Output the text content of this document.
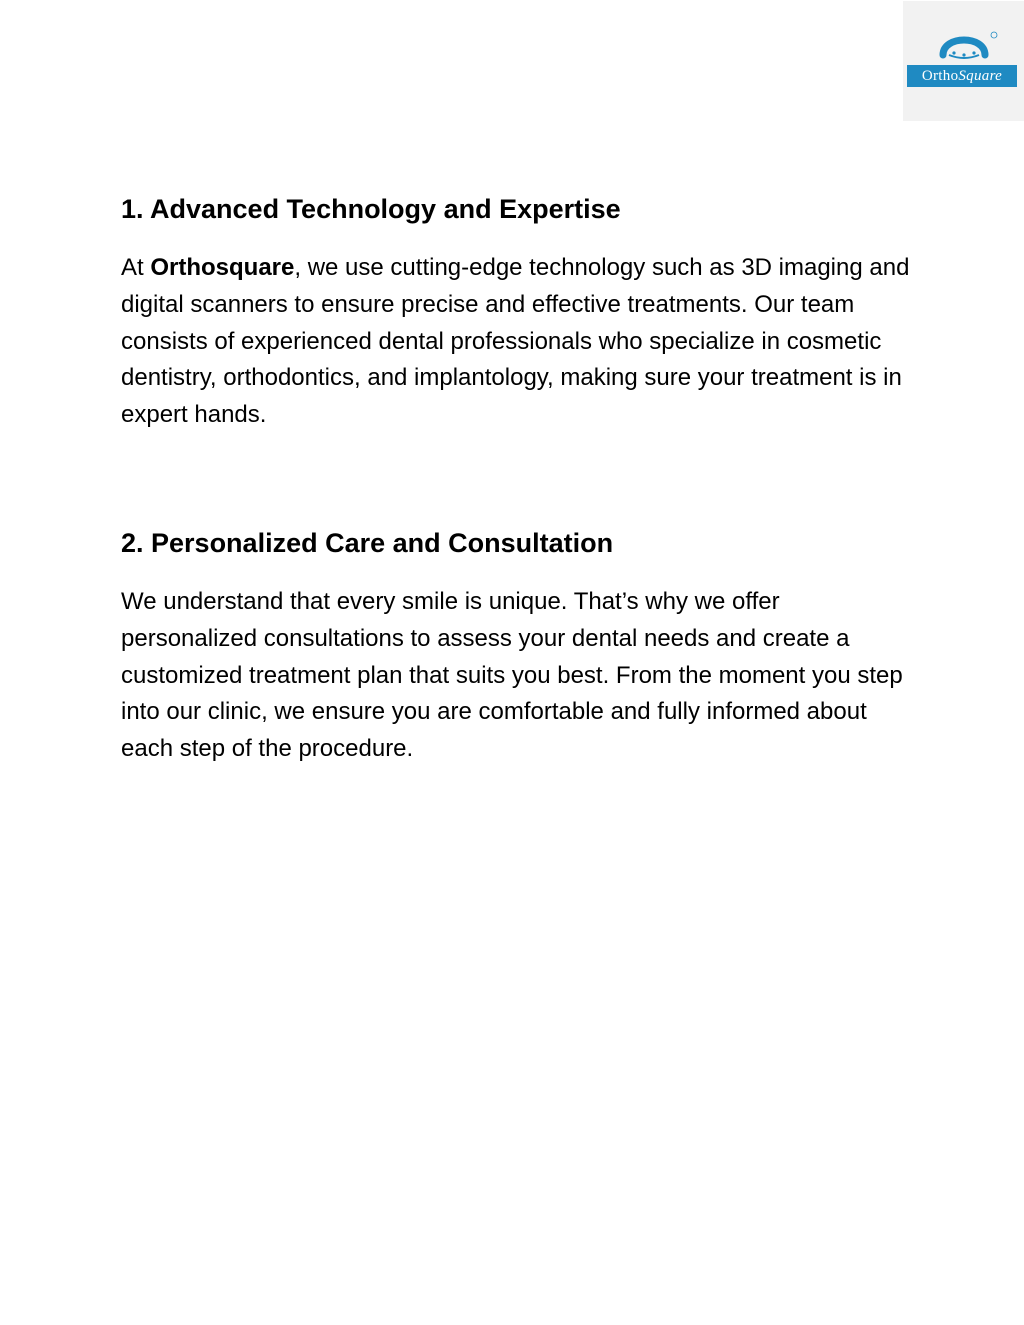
OrthoSquare
1. Advanced Technology and Expertise

At Orthosquare, we use cutting-edge technology such as 3D imaging and digital scanners to ensure precise and effective treatments. Our team consists of experienced dental professionals who specialize in cosmetic dentistry, orthodontics, and implantology, making sure your treatment is in expert hands.

2. Personalized Care and Consultation

We understand that every smile is unique. That’s why we offer personalized consultations to assess your dental needs and create a customized treatment plan that suits you best. From the moment you step into our clinic, we ensure you are comfortable and fully informed about each step of the procedure.
